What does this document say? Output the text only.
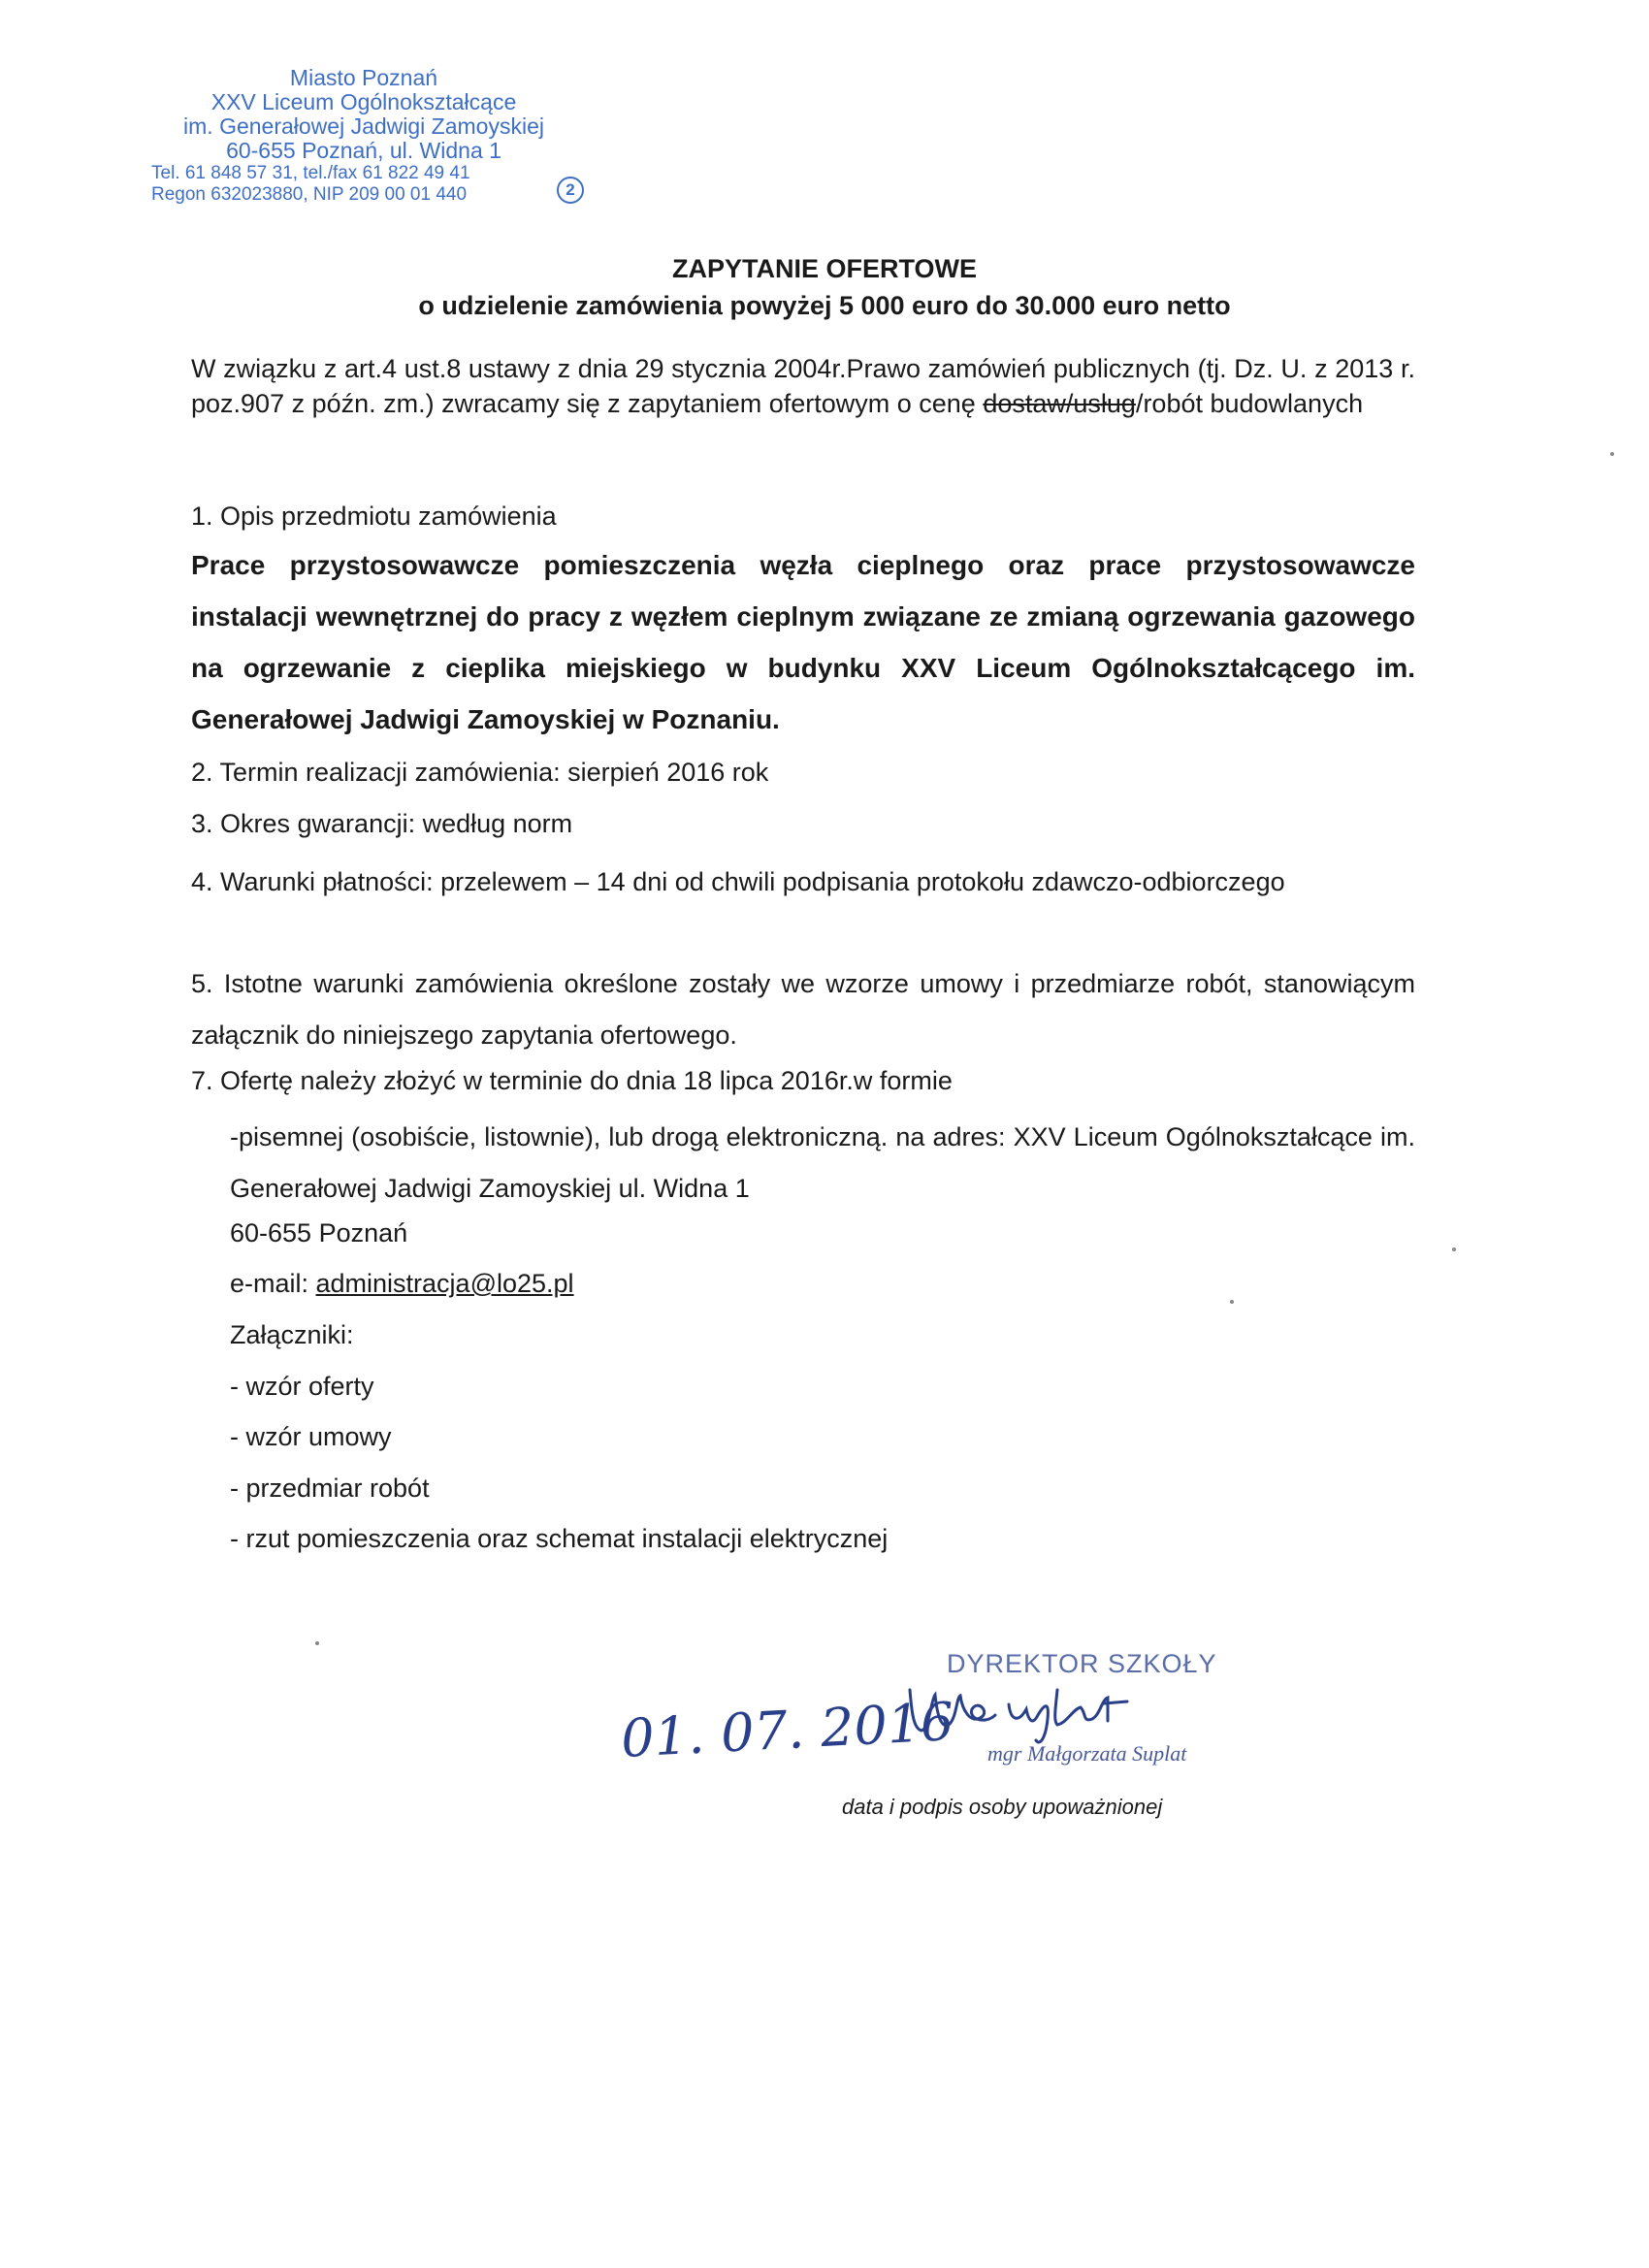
Miasto Poznań
XXV Liceum Ogólnokształcące
im. Generałowej Jadwigi Zamoyskiej
60-655 Poznań, ul. Widna 1
Tel. 61 848 57 31, tel./fax 61 822 49 41
Regon 632023880, NIP 209 00 01 440	2
ZAPYTANIE OFERTOWE
o udzielenie zamówienia powyżej 5 000 euro do 30.000 euro netto
W związku z art.4 ust.8 ustawy z dnia 29 stycznia 2004r.Prawo zamówień publicznych (tj. Dz. U. z 2013 r. poz.907 z późn. zm.) zwracamy się z zapytaniem ofertowym o cenę dostaw/usług/robót budowlanych
1. Opis przedmiotu zamówienia
Prace przystosowawcze pomieszczenia węzła cieplnego oraz prace przystosowawcze instalacji wewnętrznej do pracy z węzłem cieplnym związane ze zmianą ogrzewania gazowego na ogrzewanie z cieplika miejskiego w budynku XXV Liceum Ogólnokształcącego im. Generałowej Jadwigi Zamoyskiej w Poznaniu.
2. Termin realizacji zamówienia: sierpień 2016 rok
3. Okres gwarancji: według norm
4. Warunki płatności: przelewem – 14 dni od chwili podpisania protokołu zdawczo-odbiorczego
5. Istotne warunki zamówienia określone zostały we wzorze umowy i przedmiarze robót, stanowiącym załącznik do niniejszego zapytania ofertowego.
7. Ofertę należy złożyć w terminie do dnia 18 lipca 2016r.w formie
-pisemnej (osobiście, listownie), lub drogą elektroniczną. na adres: XXV Liceum Ogólnokształcące im. Generałowej Jadwigi Zamoyskiej ul. Widna 1
60-655 Poznań
e-mail: administracja@lo25.pl
Załączniki:
- wzór oferty
- wzór umowy
- przedmiar robót
- rzut pomieszczenia oraz schemat instalacji elektrycznej
DYREKTOR SZKOŁY
01. 07. 2016 mgr Małgorzata Suplat
data i podpis osoby upoważnionej
